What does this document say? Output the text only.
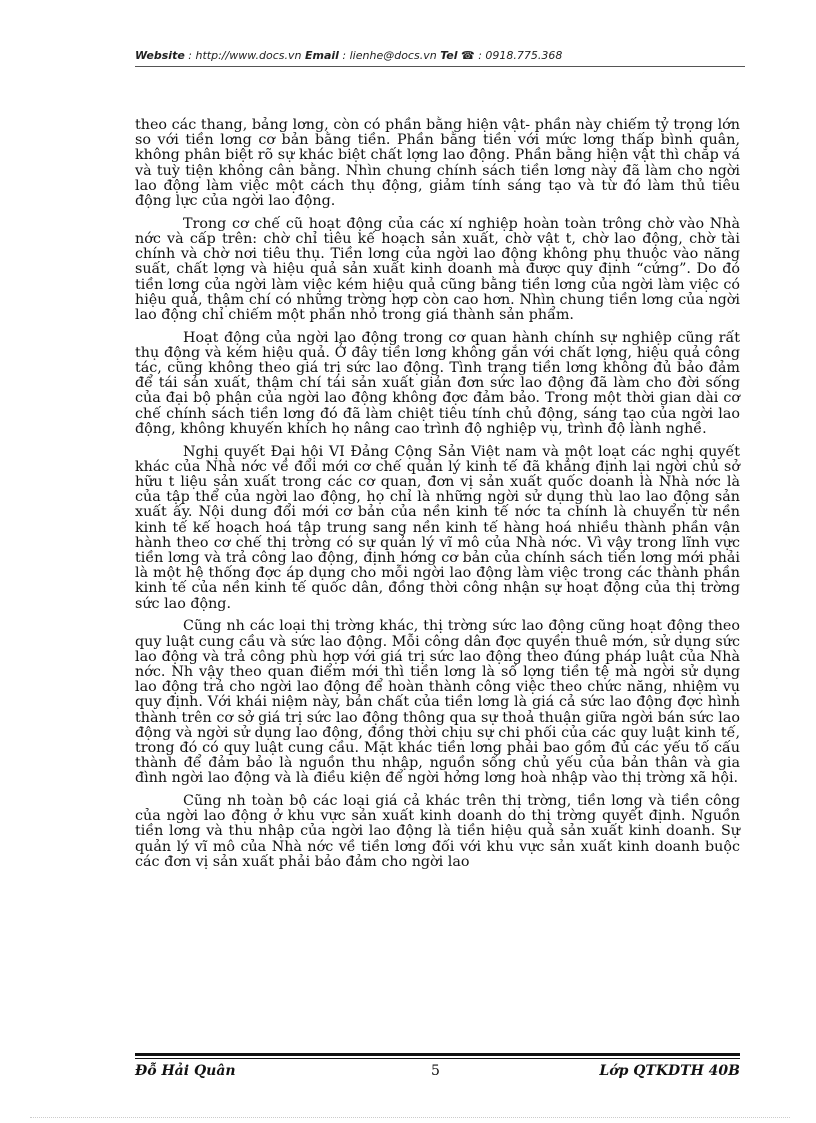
Website : http://www.docs.vn Email : lienhe@docs.vn Tel ☎ : 0918.775.368

theo các thang, bảng lơng, còn có phần bằng hiện vật- phần này chiếm tỷ trọng lớn so với tiền lơng cơ bản bằng tiền. Phần bằng tiền với mức lơng thấp bình quân, không phân biệt rõ sự khác biệt chất lợng lao động. Phần bằng hiện vật thì chắp vá và tuỳ tiện không cân bằng. Nhìn chung chính sách tiền lơng này đã làm cho ngời lao động làm việc một cách thụ động, giảm tính sáng tạo và từ đó làm thủ tiêu động lực của ngời lao động.

Trong cơ chế cũ hoạt động của các xí nghiệp hoàn toàn trông chờ vào Nhà nớc và cấp trên: chờ chỉ tiêu kế hoạch sản xuất, chờ vật t, chờ lao động, chờ tài chính và chờ nơi tiêu thụ. Tiền lơng của ngời lao động không phụ thuộc vào năng suất, chất lợng và hiệu quả sản xuất kinh doanh mà được quy định “cứng”. Do đó tiền lơng của ngời làm việc kém hiệu quả cũng bằng tiền lơng của ngời làm việc có hiệu quả, thậm chí có những trờng hợp còn cao hơn. Nhìn chung tiền lơng của ngời lao động chỉ chiếm một phần nhỏ trong giá thành sản phẩm.

Hoạt động của ngời lao động trong cơ quan hành chính sự nghiệp cũng rất thụ động và kém hiệu quả. Ở đây tiền lơng không gắn với chất lợng, hiệu quả công tác, cũng không theo giá trị sức lao động. Tình trạng tiền lơng không đủ bảo đảm để tái sản xuất, thậm chí tái sản xuất giản đơn sức lao động đã làm cho đời sống của đại bộ phận của ngời lao động không đợc đảm bảo. Trong một thời gian dài cơ chế chính sách tiền lơng đó đã làm chiệt tiêu tính chủ động, sáng tạo của ngời lao động, không khuyến khích họ nâng cao trình độ nghiệp vụ, trình độ lành nghề.

Nghị quyết Đại hội VI Đảng Cộng Sản Việt nam và một loạt các nghị quyết khác của Nhà nớc về đổi mới cơ chế quản lý kinh tế đã khẳng định lại ngời chủ sở hữu t liệu sản xuất trong các cơ quan, đơn vị sản xuất quốc doanh là Nhà nớc là của tập thể của ngời lao động, họ chỉ là những ngời sử dụng thù lao lao động sản xuất ấy. Nội dung đổi mới cơ bản của nền kinh tế nớc ta chính là chuyển từ nền kinh tế kế hoạch hoá tập trung sang nền kinh tế hàng hoá nhiều thành phần vận hành theo cơ chế thị trờng có sự quản lý vĩ mô của Nhà nớc. Vì vậy trong lĩnh vực tiền lơng và trả công lao động, định hớng cơ bản của chính sách tiền lơng mới phải là một hệ thống đợc áp dụng cho mỗi ngời lao động làm việc trong các thành phần kinh tế của nền kinh tế quốc dân, đồng thời công nhận sự hoạt động của thị trờng sức lao động.

Cũng nh các loại thị trờng khác, thị trờng sức lao động cũng hoạt động theo quy luật cung cầu và sức lao động. Mỗi công dân đợc quyền thuê mớn, sử dụng sức lao động và trả công phù hợp với giá trị sức lao động theo đúng pháp luật của Nhà nớc. Nh vậy theo quan điểm mới thì tiền lơng là số lợng tiền tệ mà ngời sử dụng lao động trả cho ngời lao động để hoàn thành công việc theo chức năng, nhiệm vụ quy định. Với khái niệm này, bản chất của tiền lơng là giá cả sức lao động đợc hình thành trên cơ sở giá trị sức lao động thông qua sự thoả thuận giữa ngời bán sức lao động và ngời sử dụng lao động, đồng thời chịu sự chi phối của các quy luật kinh tế, trong đó có quy luật cung cầu. Mặt khác tiền lơng phải bao gồm đủ các yếu tố cấu thành để đảm bảo là nguồn thu nhập, nguồn sống chủ yếu của bản thân và gia đình ngời lao động và là điều kiện để ngời hởng lơng hoà nhập vào thị trờng xã hội.

Cũng nh toàn bộ các loại giá cả khác trên thị trờng, tiền lơng và tiền công của ngời lao động ở khu vực sản xuất kinh doanh do thị trờng quyết định. Nguồn tiền lơng và thu nhập của ngời lao động là tiền hiệu quả sản xuất kinh doanh. Sự quản lý vĩ mô của Nhà nớc về tiền lơng đối với khu vực sản xuất kinh doanh buộc các đơn vị sản xuất phải bảo đảm cho ngời lao

Đỗ Hải Quân	5	Lớp QTKDTH 40B
